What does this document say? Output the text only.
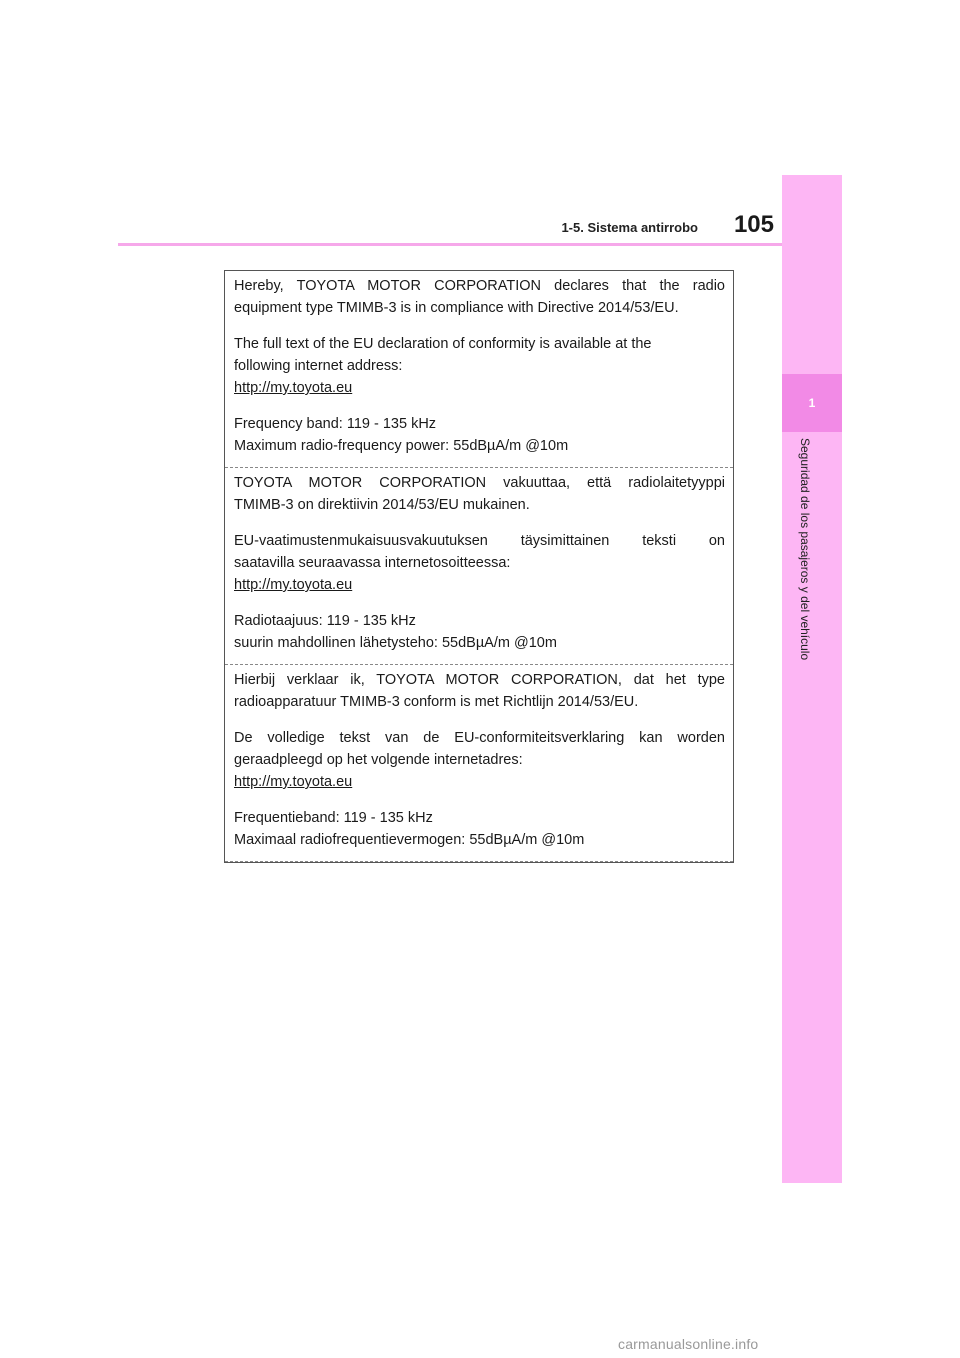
1-5. Sistema antirrobo	105
1
Seguridad de los pasajeros y del vehículo

Hereby, TOYOTA MOTOR CORPORATION declares that the radio
equipment type TMIMB-3 is in compliance with Directive 2014/53/EU.

The full text of the EU declaration of conformity is available at the
following internet address:
http://my.toyota.eu

Frequency band: 119 - 135 kHz
Maximum radio-frequency power: 55dBµA/m @10m

TOYOTA MOTOR CORPORATION vakuuttaa, että radiolaitetyyppi
TMIMB-3 on direktiivin 2014/53/EU mukainen.

EU-vaatimustenmukaisuusvakuutuksen täysimittainen teksti on
saatavilla seuraavassa internetosoitteessa:
http://my.toyota.eu

Radiotaajuus: 119 - 135 kHz
suurin mahdollinen lähetysteho: 55dBµA/m @10m

Hierbij verklaar ik, TOYOTA MOTOR CORPORATION, dat het type
radioapparatuur TMIMB-3 conform is met Richtlijn 2014/53/EU.

De volledige tekst van de EU-conformiteitsverklaring kan worden
geraadpleegd op het volgende internetadres:
http://my.toyota.eu

Frequentieband: 119 - 135 kHz
Maximaal radiofrequentievermogen: 55dBµA/m @10m

carmanualsonline.info
